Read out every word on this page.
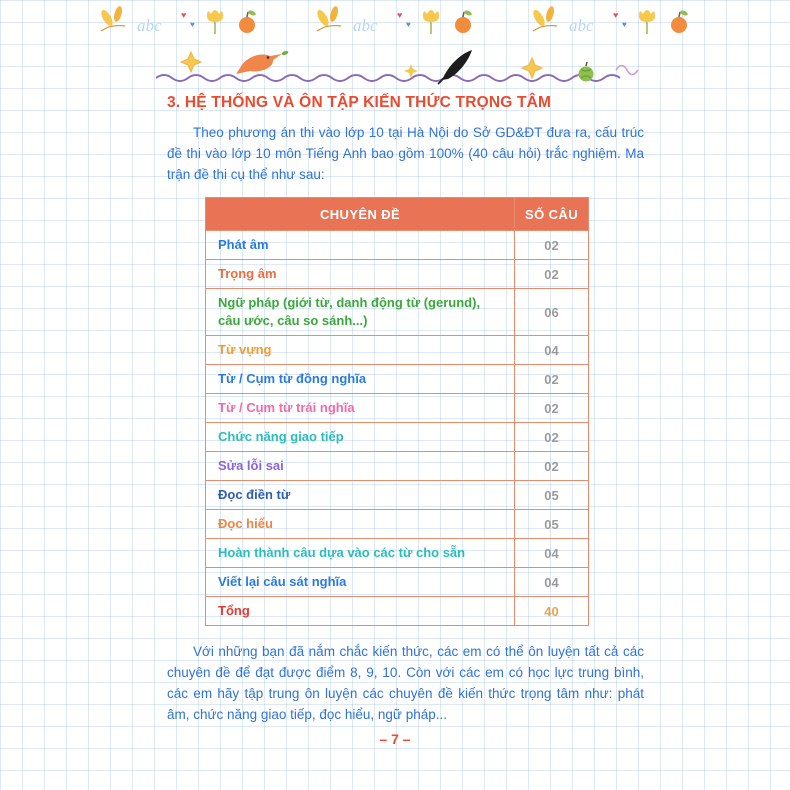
abc
♥
♥	abc
♥
♥	abc
♥
♥
3. HỆ THỐNG VÀ ÔN TẬP KIẾN THỨC TRỌNG TÂM
Theo phương án thi vào lớp 10 tại Hà Nội do Sở GD&ĐT đưa ra, cấu trúc đề thi vào lớp 10 môn Tiếng Anh bao gồm 100% (40 câu hỏi) trắc nghiệm. Ma trận đề thi cụ thể như sau:
CHUYÊN ĐỀ	SỐ CÂU
Phát âm	02
Trọng âm	02
Ngữ pháp (giới từ, danh động từ (gerund), câu ước, câu so sánh...)	06
Từ vựng	04
Từ / Cụm từ đồng nghĩa	02
Từ / Cụm từ trái nghĩa	02
Chức năng giao tiếp	02
Sửa lỗi sai	02
Đọc điền từ	05
Đọc hiểu	05
Hoàn thành câu dựa vào các từ cho sẵn	04
Viết lại câu sát nghĩa	04
Tổng	40
Với những bạn đã nắm chắc kiến thức, các em có thể ôn luyện tất cả các chuyên đề để đạt được điểm 8, 9, 10. Còn với các em có học lực trung bình, các em hãy tập trung ôn luyện các chuyên đề kiến thức trọng tâm như: phát âm, chức năng giao tiếp, đọc hiểu, ngữ pháp...
– 7 –
